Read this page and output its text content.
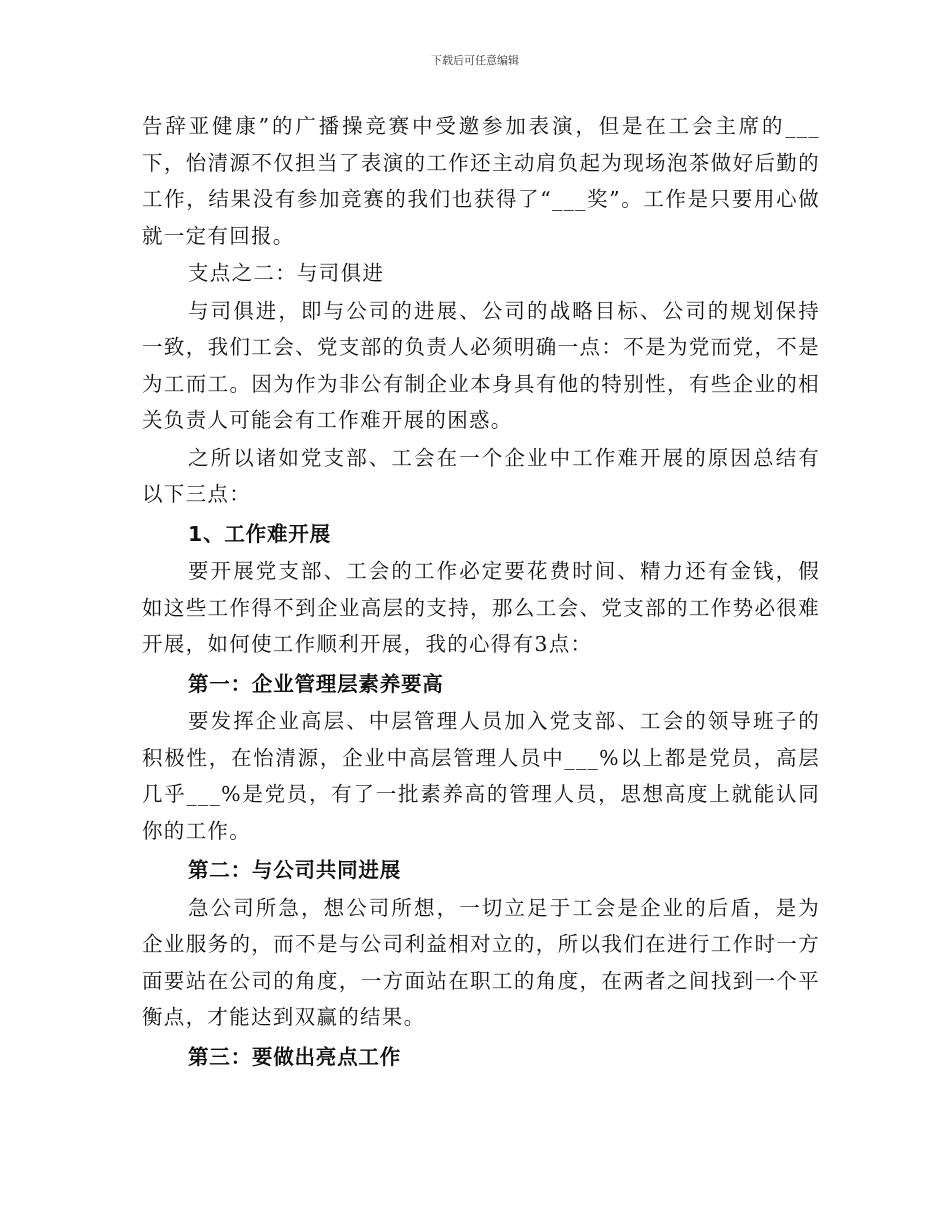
下载后可任意编辑

告辞亚健康”的广播操竞赛中受邀参加表演，但是在工会主席的___下，怡清源不仅担当了表演的工作还主动肩负起为现场泡茶做好后勤的工作，结果没有参加竞赛的我们也获得了“___奖”。工作是只要用心做就一定有回报。

支点之二：与司俱进

与司俱进，即与公司的进展、公司的战略目标、公司的规划保持一致，我们工会、党支部的负责人必须明确一点：不是为党而党，不是为工而工。因为作为非公有制企业本身具有他的特别性，有些企业的相关负责人可能会有工作难开展的困惑。

之所以诸如党支部、工会在一个企业中工作难开展的原因总结有以下三点：

1、工作难开展

要开展党支部、工会的工作必定要花费时间、精力还有金钱，假如这些工作得不到企业高层的支持，那么工会、党支部的工作势必很难开展，如何使工作顺利开展，我的心得有3点：

第一：企业管理层素养要高

要发挥企业高层、中层管理人员加入党支部、工会的领导班子的积极性，在怡清源，企业中高层管理人员中___%以上都是党员，高层几乎___%是党员，有了一批素养高的管理人员，思想高度上就能认同你的工作。

第二：与公司共同进展

急公司所急，想公司所想，一切立足于工会是企业的后盾，是为企业服务的，而不是与公司利益相对立的，所以我们在进行工作时一方面要站在公司的角度，一方面站在职工的角度，在两者之间找到一个平衡点，才能达到双赢的结果。

第三：要做出亮点工作
